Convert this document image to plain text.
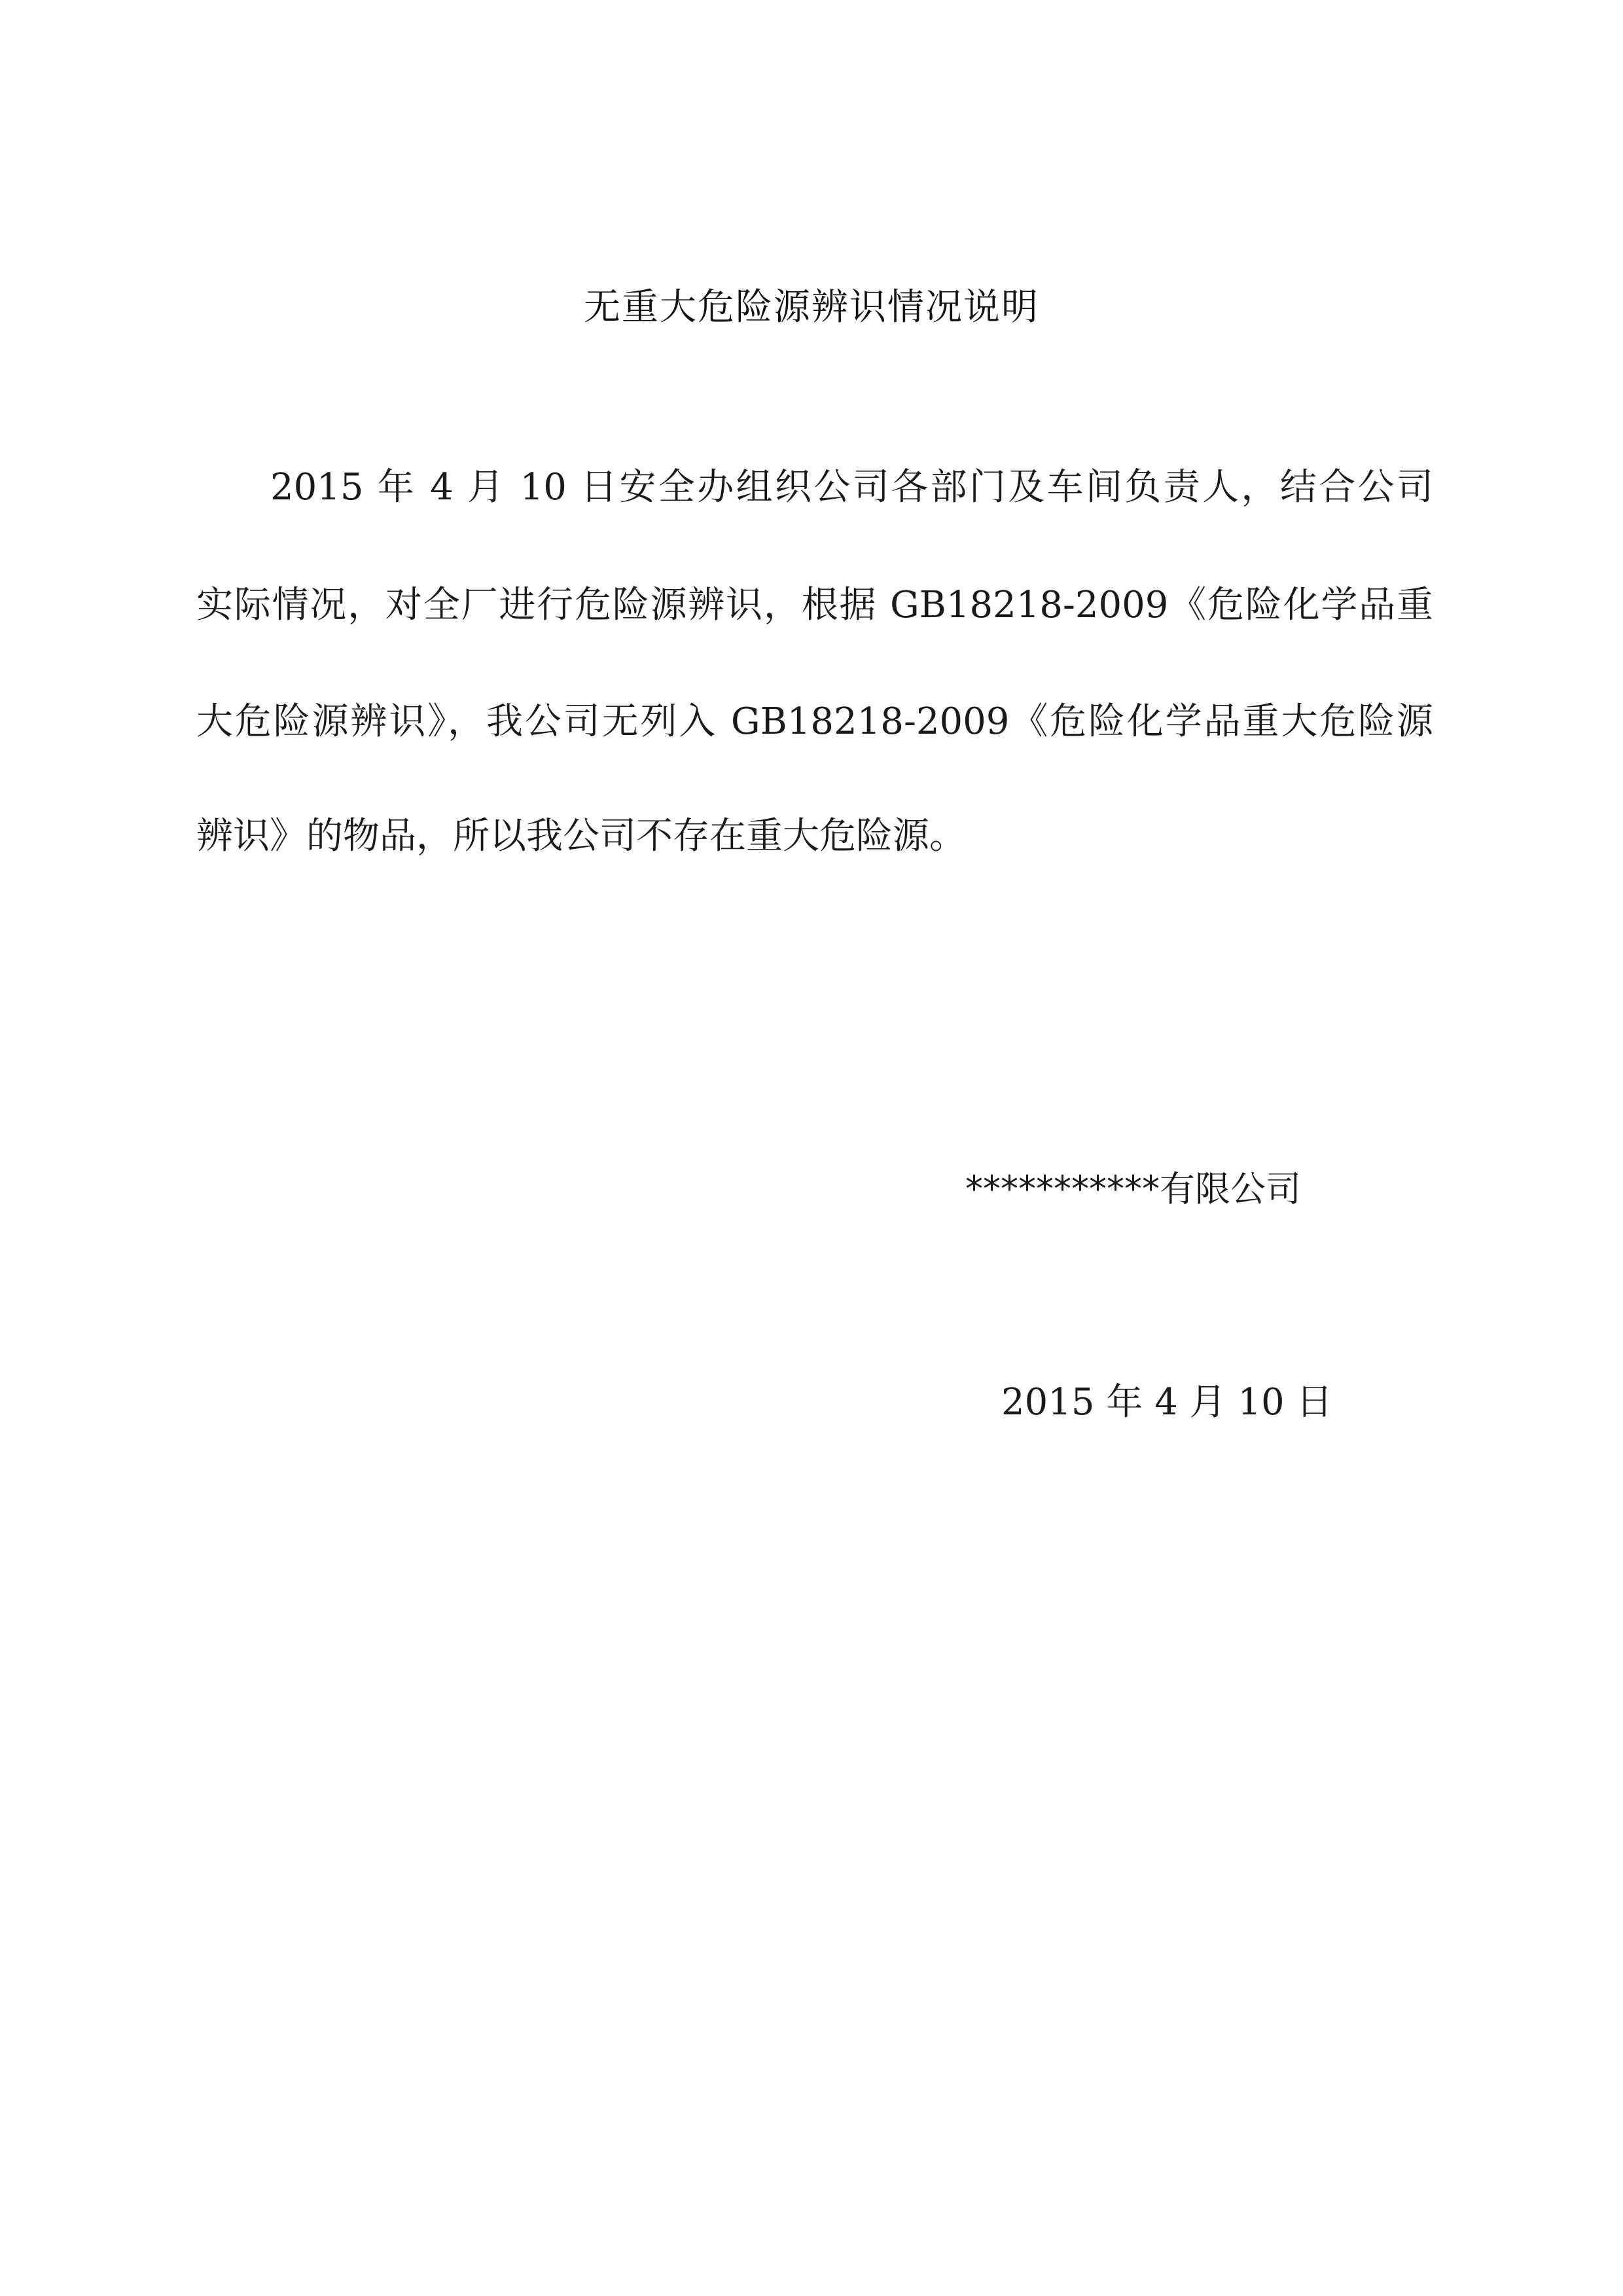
无重大危险源辨识情况说明
2015 年 4 月 10 日安全办组织公司各部门及车间负责人，结合公司
实际情况，对全厂进行危险源辨识，根据 GB18218-2009《危险化学品重
大危险源辨识》，我公司无列入 GB18218-2009《危险化学品重大危险源
辨识》的物品，所以我公司不存在重大危险源。
***********有限公司
2015 年 4 月 10 日
